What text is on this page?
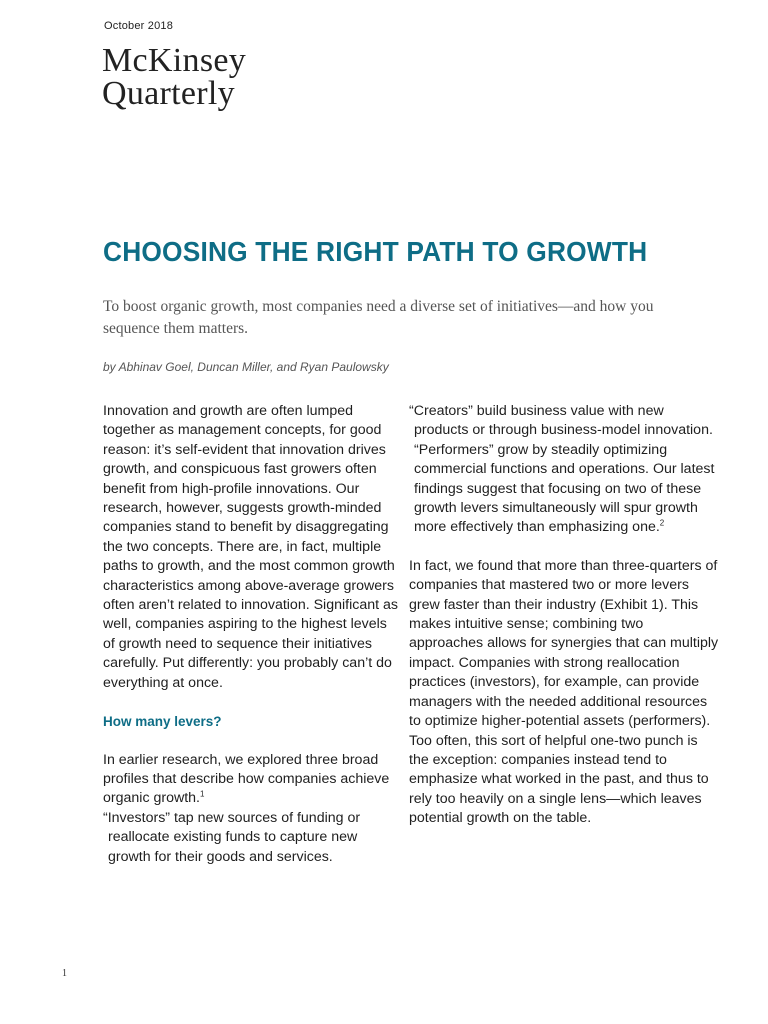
October 2018
McKinsey
Quarterly
CHOOSING THE RIGHT PATH TO GROWTH
To boost organic growth, most companies need a diverse set of initiatives—and how you sequence them matters.
by Abhinav Goel, Duncan Miller, and Ryan Paulowsky

Innovation and growth are often lumped together as management concepts, for good reason: it’s self-evident that innovation drives growth, and conspicuous fast growers often benefit from high-profile innovations. Our research, however, suggests growth-minded companies stand to benefit by disaggregating the two concepts. There are, in fact, multiple paths to growth, and the most common growth characteristics among above-average growers often aren’t related to innovation. Significant as well, companies aspiring to the highest levels of growth need to sequence their initiatives carefully. Put differently: you probably can’t do everything at once.

How many levers?

In earlier research, we explored three broad profiles that describe how companies achieve organic growth.$^1$

“Investors” tap new sources of funding or reallocate existing funds to capture new growth for their goods and services.

“Creators” build business value with new products or through business-model innovation. “Performers” grow by steadily optimizing commercial functions and operations. Our latest findings suggest that focusing on two of these growth levers simultaneously will spur growth more effectively than emphasizing one.$^2$

In fact, we found that more than three-quarters of companies that mastered two or more levers grew faster than their industry (Exhibit 1). This makes intuitive sense; combining two approaches allows for synergies that can multiply impact. Companies with strong reallocation practices (investors), for example, can provide managers with the needed additional resources to optimize higher-potential assets (performers). Too often, this sort of helpful one-two punch is the exception: companies instead tend to emphasize what worked in the past, and thus to rely too heavily on a single lens—which leaves potential growth on the table.

1
